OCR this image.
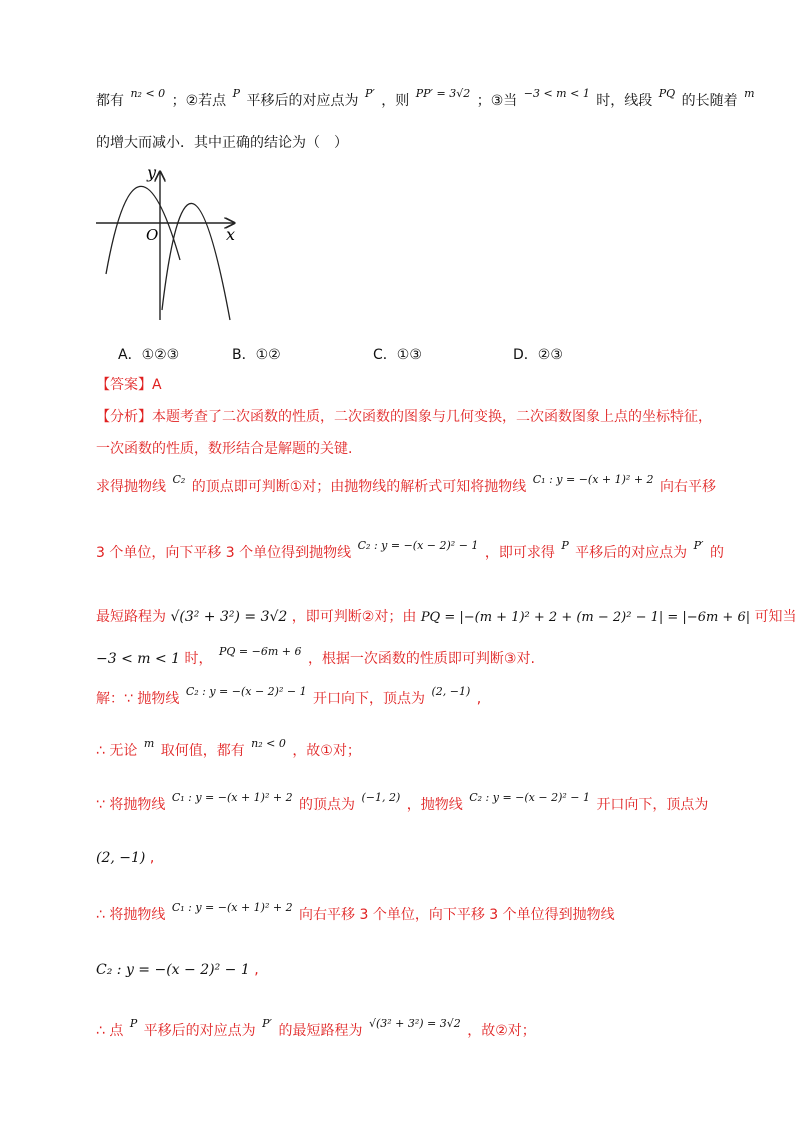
都有 $^{n_2 < 0}$ ；②若点 $^P$ 平移后的对应点为 $^{P'}$ ，则 $^{PP' = 3√2}$ ；③当 $^{-3 < m < 1}$ 时，线段 $^{PQ}$ 的长随着 $^m$
的增大而减小．其中正确的结论为（　）
y
x
O
A．①②③	B．①②	C．①③	D．②③
【答案】A
【分析】本题考查了二次函数的性质，二次函数的图象与几何变换，二次函数图象上点的坐标特征，
一次函数的性质，数形结合是解题的关键.
求得抛物线 $^{C_2}$ 的顶点即可判断①对；由抛物线的解析式可知将抛物线 $^{C_1 : y = -(x + 1)^2 + 2}$ 向右平移
3 个单位，向下平移 3 个单位得到抛物线 $^{C_2 : y = -(x - 2)^2 - 1}$ ，即可求得 $^P$ 平移后的对应点为 $^{P'}$ 的
最短路程为 √(3² + 3²) = 3√2 ，即可判断②对；由 PQ = |−(m + 1)² + 2 + (m − 2)² − 1| = |−6m + 6| 可知当
−3 < m < 1 时， $^{PQ = -6m + 6}$ ，根据一次函数的性质即可判断③对.
解：∵ 抛物线 $^{C_2 : y = -(x - 2)^2 - 1}$ 开口向下，顶点为 $^{(2, -1)}$ ,
∴ 无论 $^m$ 取何值，都有 $^{n_2 < 0}$ ，故①对；
∵ 将抛物线 $^{C_1 : y = -(x + 1)^2 + 2}$ 的顶点为 $^{(-1, 2)}$ ，抛物线 $^{C_2 : y = -(x - 2)^2 - 1}$ 开口向下，顶点为
(2, −1) ,
∴ 将抛物线 $^{C_1 : y = -(x + 1)^2 + 2}$ 向右平移 3 个单位，向下平移 3 个单位得到抛物线
C₂ : y = −(x − 2)² − 1 ,
∴ 点 $^P$ 平移后的对应点为 $^{P'}$ 的最短路程为 $^{√(3^2 + 3^2) = 3√2}$ ，故②对；
